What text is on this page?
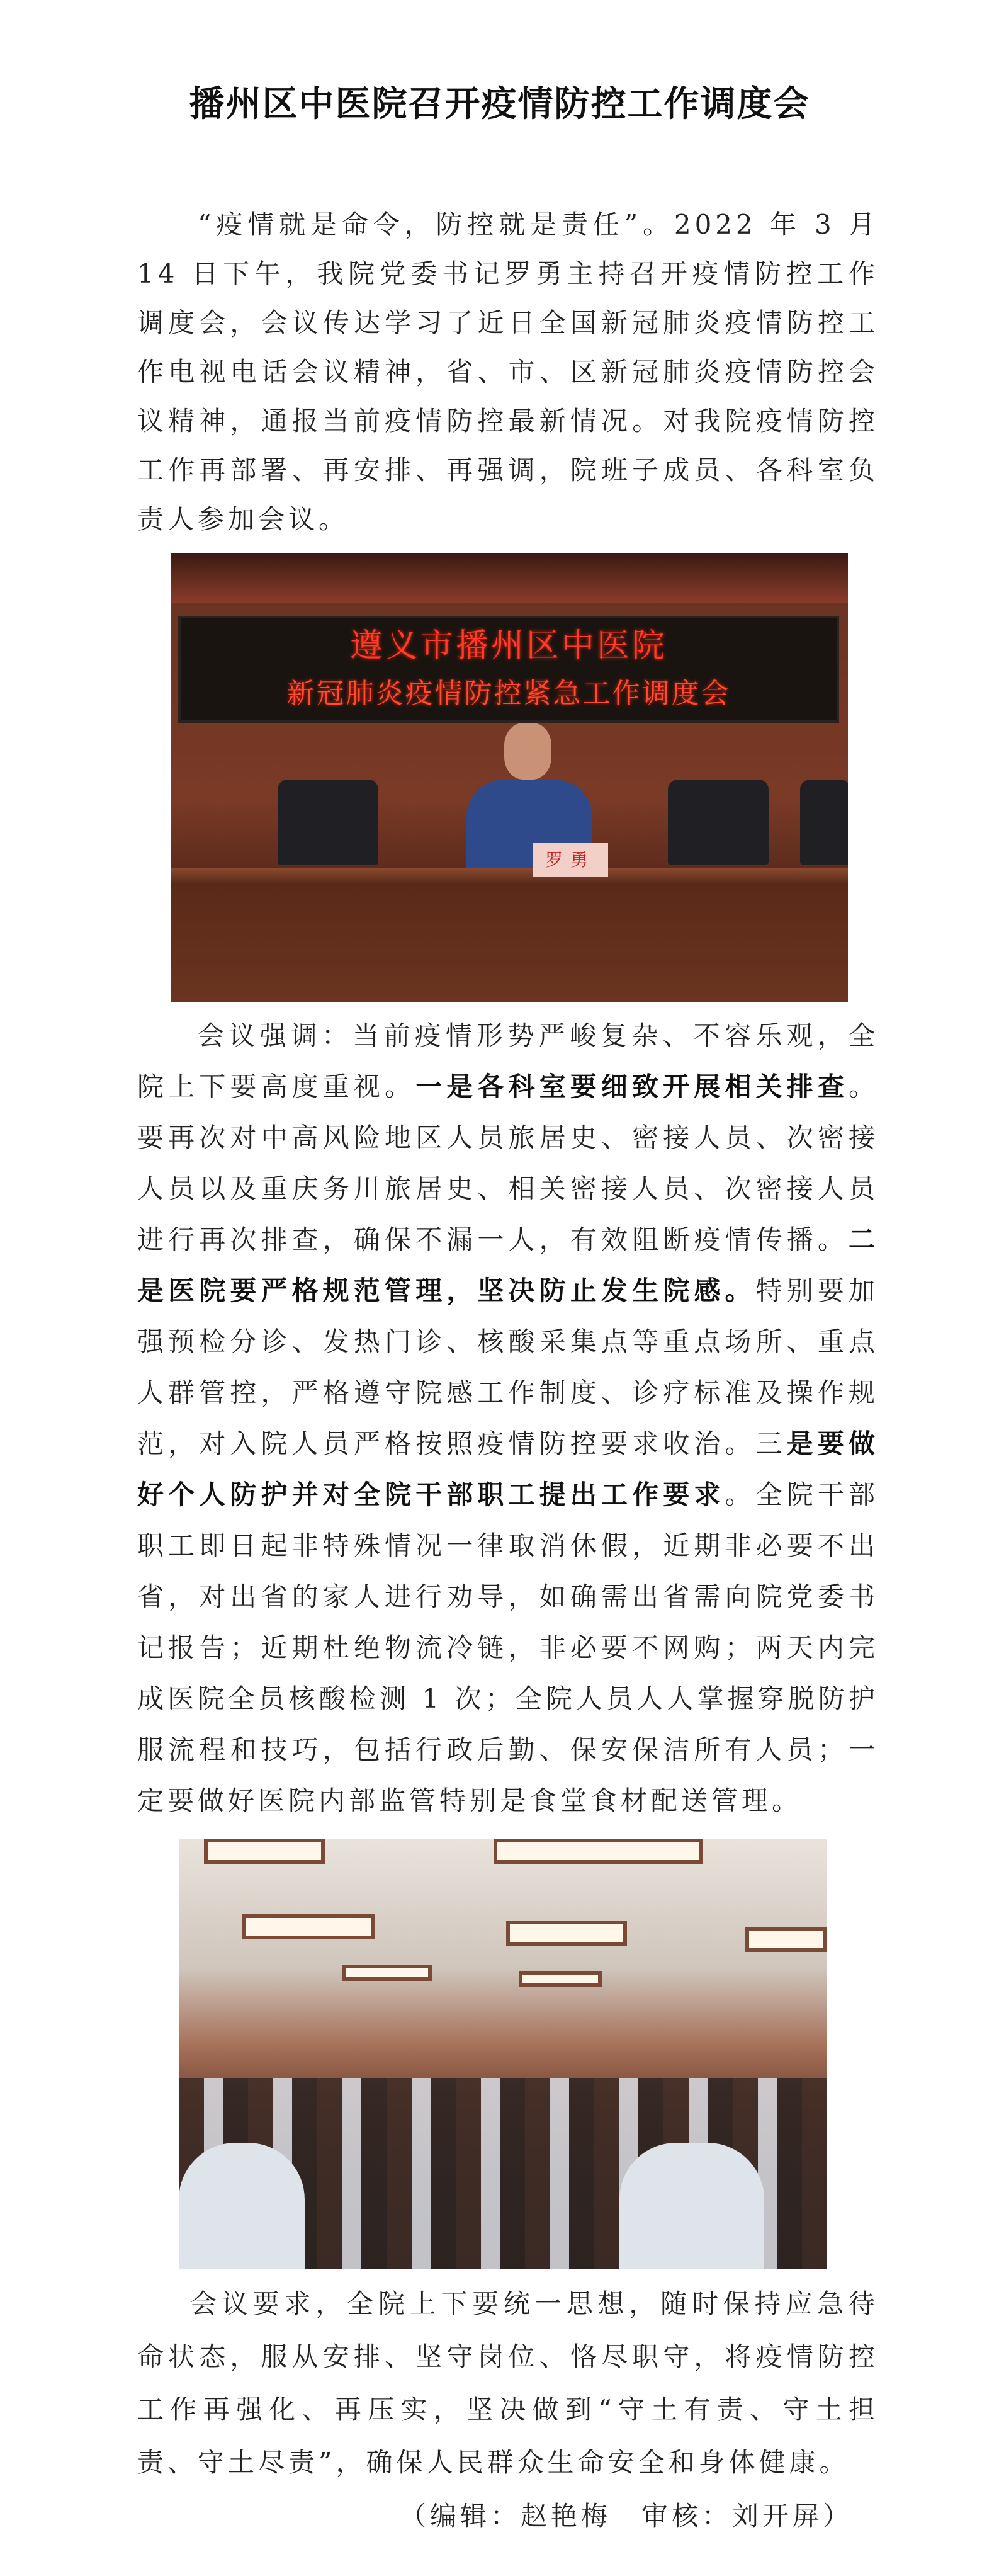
播州区中医院召开疫情防控工作调度会

“疫情就是命令，防控就是责任”。2022 年 3 月 14 日下午，我院党委书记罗勇主持召开疫情防控工作调度会，会议传达学习了近日全国新冠肺炎疫情防控工作电视电话会议精神，省、市、区新冠肺炎疫情防控会议精神，通报当前疫情防控最新情况。对我院疫情防控工作再部署、再安排、再强调，院班子成员、各科室负责人参加会议。

遵义市播州区中医院
新冠肺炎疫情防控紧急工作调度会
罗勇

会议强调：当前疫情形势严峻复杂、不容乐观，全院上下要高度重视。一是各科室要细致开展相关排查。要再次对中高风险地区人员旅居史、密接人员、次密接人员以及重庆务川旅居史、相关密接人员、次密接人员进行再次排查，确保不漏一人，有效阻断疫情传播。二是医院要严格规范管理，坚决防止发生院感。特别要加强预检分诊、发热门诊、核酸采集点等重点场所、重点人群管控，严格遵守院感工作制度、诊疗标准及操作规范，对入院人员严格按照疫情防控要求收治。三是要做好个人防护并对全院干部职工提出工作要求。全院干部职工即日起非特殊情况一律取消休假，近期非必要不出省，对出省的家人进行劝导，如确需出省需向院党委书记报告；近期杜绝物流冷链，非必要不网购；两天内完成医院全员核酸检测 1 次；全院人员人人掌握穿脱防护服流程和技巧，包括行政后勤、保安保洁所有人员；一定要做好医院内部监管特别是食堂食材配送管理。

会议要求，全院上下要统一思想，随时保持应急待命状态，服从安排、坚守岗位、恪尽职守，将疫情防控工作再强化、再压实，坚决做到“守土有责、守土担责、守土尽责”，确保人民群众生命安全和身体健康。

（编辑：赵艳梅　审核：刘开屏）
